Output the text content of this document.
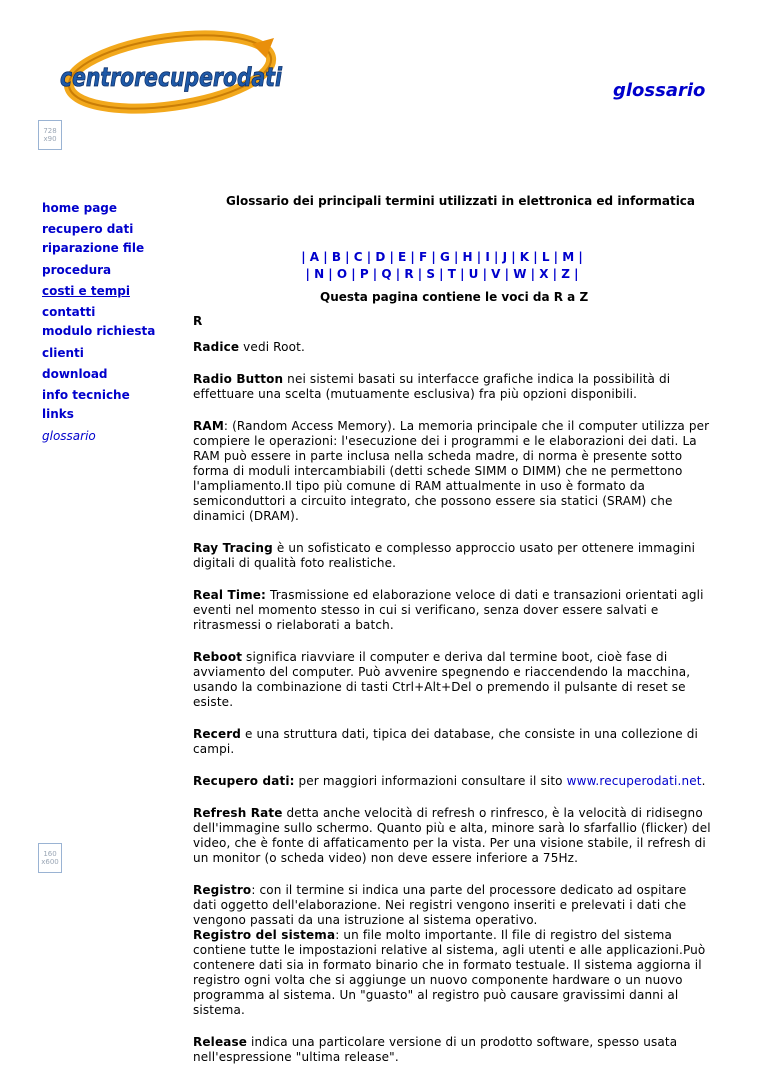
centrorecuperodati	glossario
728
x90
160
x600
home page
recupero dati
riparazione file
procedura
costi e tempi
contatti
modulo richiesta
clienti
download
info tecniche
links
glossario
Glossario dei principali termini utilizzati in elettronica ed informatica
| A | B | C | D | E | F | G | H | I | J | K | L | M |
| N | O | P | Q | R | S | T | U | V | W | X | Z |
Questa pagina contiene le voci da R a Z
R
Radice vedi Root.
Radio Button nei sistemi basati su interfacce grafiche indica la possibilità di effettuare una scelta (mutuamente esclusiva) fra più opzioni disponibili.
RAM: (Random Access Memory). La memoria principale che il computer utilizza per compiere le operazioni: l'esecuzione dei i programmi e le elaborazioni dei dati. La RAM può essere in parte inclusa nella scheda madre, di norma è presente sotto forma di moduli intercambiabili (detti schede SIMM o DIMM) che ne permettono l'ampliamento.Il tipo più comune di RAM attualmente in uso è formato da semiconduttori a circuito integrato, che possono essere sia statici (SRAM) che dinamici (DRAM).
Ray Tracing è un sofisticato e complesso approccio usato per ottenere immagini digitali di qualità foto realistiche.
Real Time: Trasmissione ed elaborazione veloce di dati e transazioni orientati agli eventi nel momento stesso in cui si verificano, senza dover essere salvati e ritrasmessi o rielaborati a batch.
Reboot significa riavviare il computer e deriva dal termine boot, cioè fase di avviamento del computer. Può avvenire spegnendo e riaccendendo la macchina, usando la combinazione di tasti Ctrl+Alt+Del o premendo il pulsante di reset se esiste.
Recerd e una struttura dati, tipica dei database, che consiste in una collezione di campi.
Recupero dati: per maggiori informazioni consultare il sito www.recuperodati.net.
Refresh Rate detta anche velocità di refresh o rinfresco, è la velocità di ridisegno dell'immagine sullo schermo. Quanto più e alta, minore sarà lo sfarfallio (flicker) del video, che è fonte di affaticamento per la vista. Per una visione stabile, il refresh di un monitor (o scheda video) non deve essere inferiore a 75Hz.
Registro: con il termine si indica una parte del processore dedicato ad ospitare dati oggetto dell'elaborazione. Nei registri vengono inseriti e prelevati i dati che vengono passati da una istruzione al sistema operativo.
Registro del sistema: un file molto importante. Il file di registro del sistema contiene tutte le impostazioni relative al sistema, agli utenti e alle applicazioni.Può contenere dati sia in formato binario che in formato testuale. Il sistema aggiorna il registro ogni volta che si aggiunge un nuovo componente hardware o un nuovo programma al sistema. Un "guasto" al registro può causare gravissimi danni al sistema.
Release indica una particolare versione di un prodotto software, spesso usata nell'espressione "ultima release".
